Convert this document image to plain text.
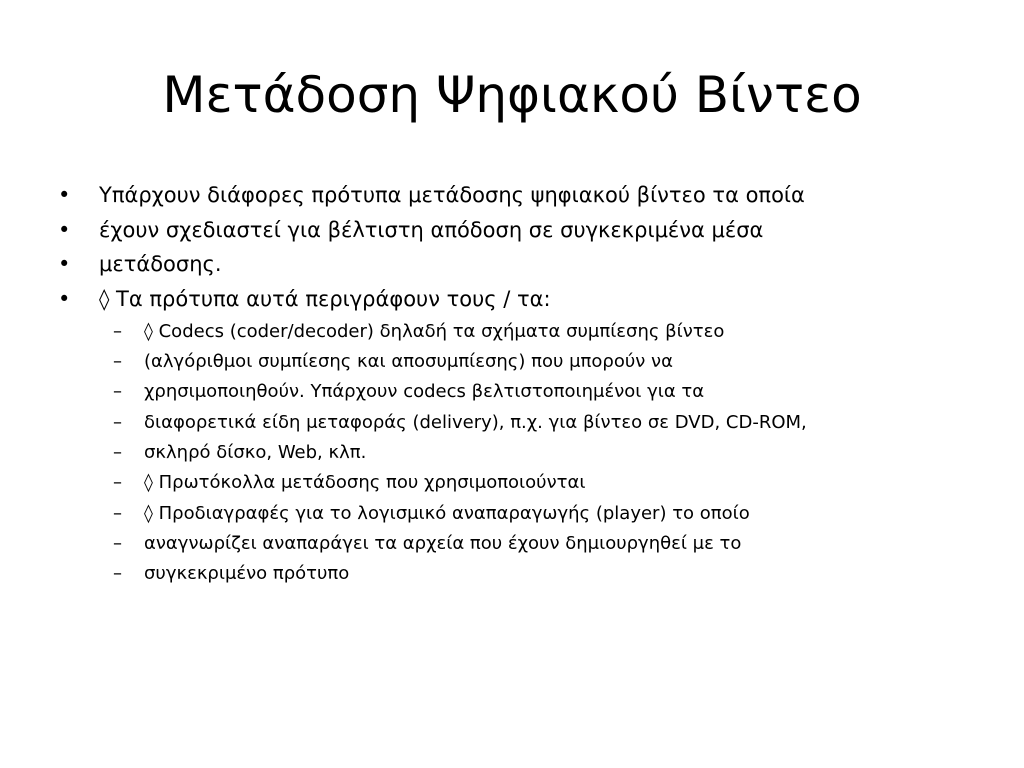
Μετάδοση Ψηφιακού Βίντεο
•	Υπάρχουν διάφορες πρότυπα μετάδοσης ψηφιακού βίντεο τα οποία
•	έχουν σχεδιαστεί για βέλτιστη απόδοση σε συγκεκριμένα μέσα
•	μετάδοσης.
•	◊ Τα πρότυπα αυτά περιγράφουν τους / τα:
–	◊ Codecs (coder/decoder) δηλαδή τα σχήματα συμπίεσης βίντεο
–	(αλγόριθμοι συμπίεσης και αποσυμπίεσης) που μπορούν να
–	χρησιμοποιηθούν. Υπάρχουν codecs βελτιστοποιημένοι για τα
–	διαφορετικά είδη μεταφοράς (delivery), π.χ. για βίντεο σε DVD, CD-ROM,
–	σκληρό δίσκο, Web, κλπ.
–	◊ Πρωτόκολλα μετάδοσης που χρησιμοποιούνται
–	◊ Προδιαγραφές για το λογισμικό αναπαραγωγής (player) το οποίο
–	αναγνωρίζει αναπαράγει τα αρχεία που έχουν δημιουργηθεί με το
–	συγκεκριμένο πρότυπο
